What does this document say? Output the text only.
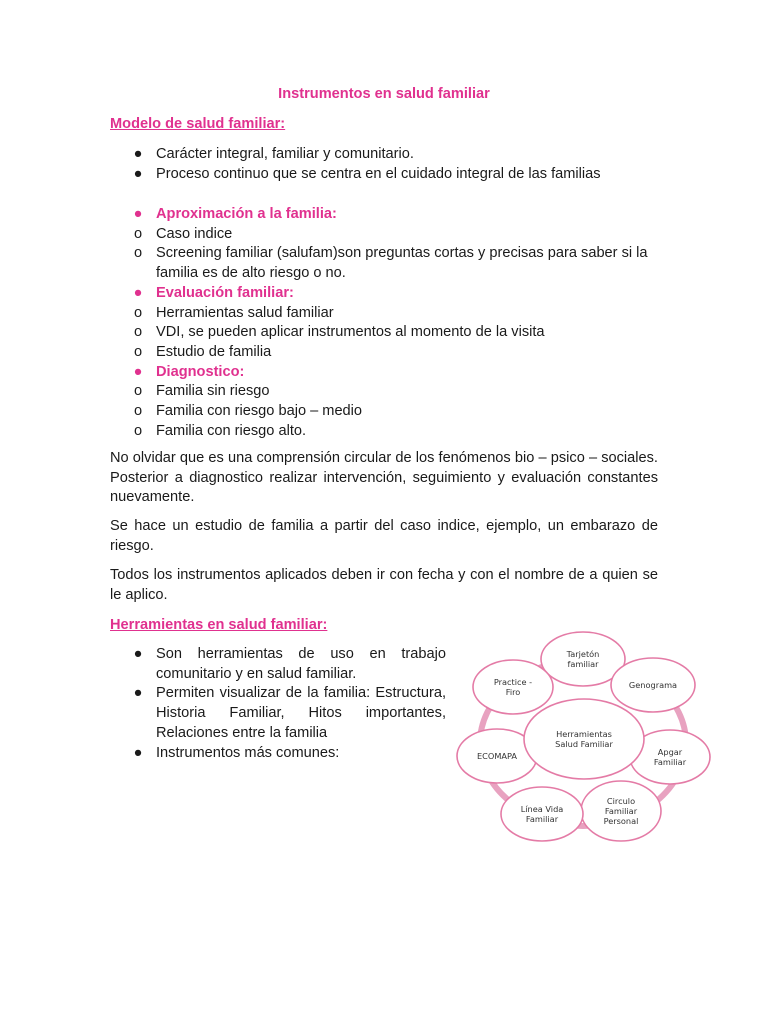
Instrumentos en salud familiar
Modelo de salud familiar:
● Carácter integral, familiar y comunitario.
● Proceso continuo que se centra en el cuidado integral de las familias
● Aproximación a la familia:
o Caso indice
o Screening familiar (salufam)son preguntas cortas y precisas para saber si la familia es de alto riesgo o no.
● Evaluación familiar:
o Herramientas salud familiar
o VDI, se pueden aplicar instrumentos al momento de la visita
o Estudio de familia
● Diagnostico:
o Familia sin riesgo
o Familia con riesgo bajo – medio
o Familia con riesgo alto.

No olvidar que es una comprensión circular de los fenómenos bio – psico – sociales. Posterior a diagnostico realizar intervención, seguimiento y evaluación constantes nuevamente.

Se hace un estudio de familia a partir del caso indice, ejemplo, un embarazo de riesgo.

Todos los instrumentos aplicados deben ir con fecha y con el nombre de a quien se le aplico.

Herramientas en salud familiar:
● Son herramientas de uso en trabajo comunitario y en salud familiar.
● Permiten visualizar de la familia: Estructura, Historia Familiar, Hitos importantes, Relaciones entre la familia
● Instrumentos más comunes:
Tarjetón
familiar
Genograma
Apgar
Familiar
Circulo
Familiar
Personal
Línea Vida
Familiar
ECOMAPA
Practice -
Firo
Herramientas
Salud Familiar
